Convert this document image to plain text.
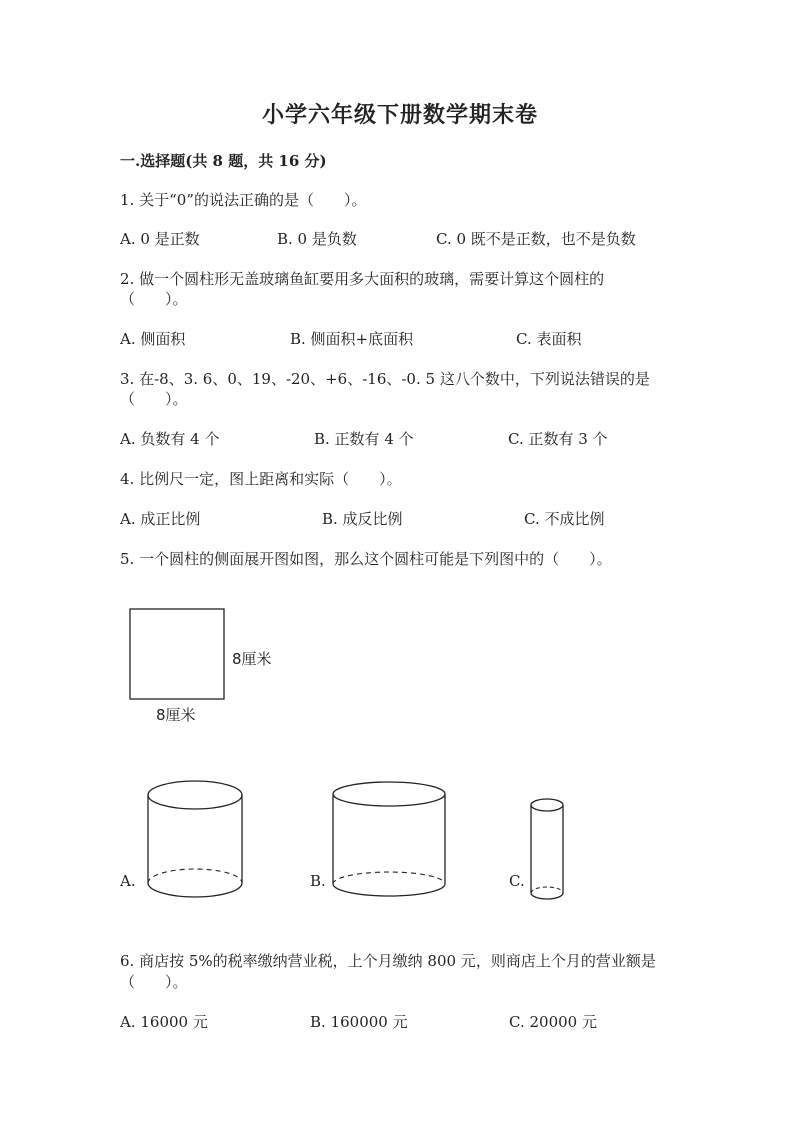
小学六年级下册数学期末卷
一.选择题(共 8 题，共 16 分)
1. 关于“0”的说法正确的是（　　）。
A. 0 是正数	B. 0 是负数	C. 0 既不是正数，也不是负数
2. 做一个圆柱形无盖玻璃鱼缸要用多大面积的玻璃，需要计算这个圆柱的
（　　）。
A. 侧面积	B. 侧面积+底面积	C. 表面积
3. 在-8、3. 6、0、19、-20、+6、-16、-0. 5 这八个数中，下列说法错误的是
（　　）。
A. 负数有 4 个	B. 正数有 4 个	C. 正数有 3 个
4. 比例尺一定，图上距离和实际（　　）。
A. 成正比例	B. 成反比例	C. 不成比例
5. 一个圆柱的侧面展开图如图，那么这个圆柱可能是下列图中的（　　）。
8厘米
8厘米
A.	B.	C.
6. 商店按 5%的税率缴纳营业税，上个月缴纳 800 元，则商店上个月的营业额是
（　　）。
A. 16000 元	B. 160000 元	C. 20000 元
